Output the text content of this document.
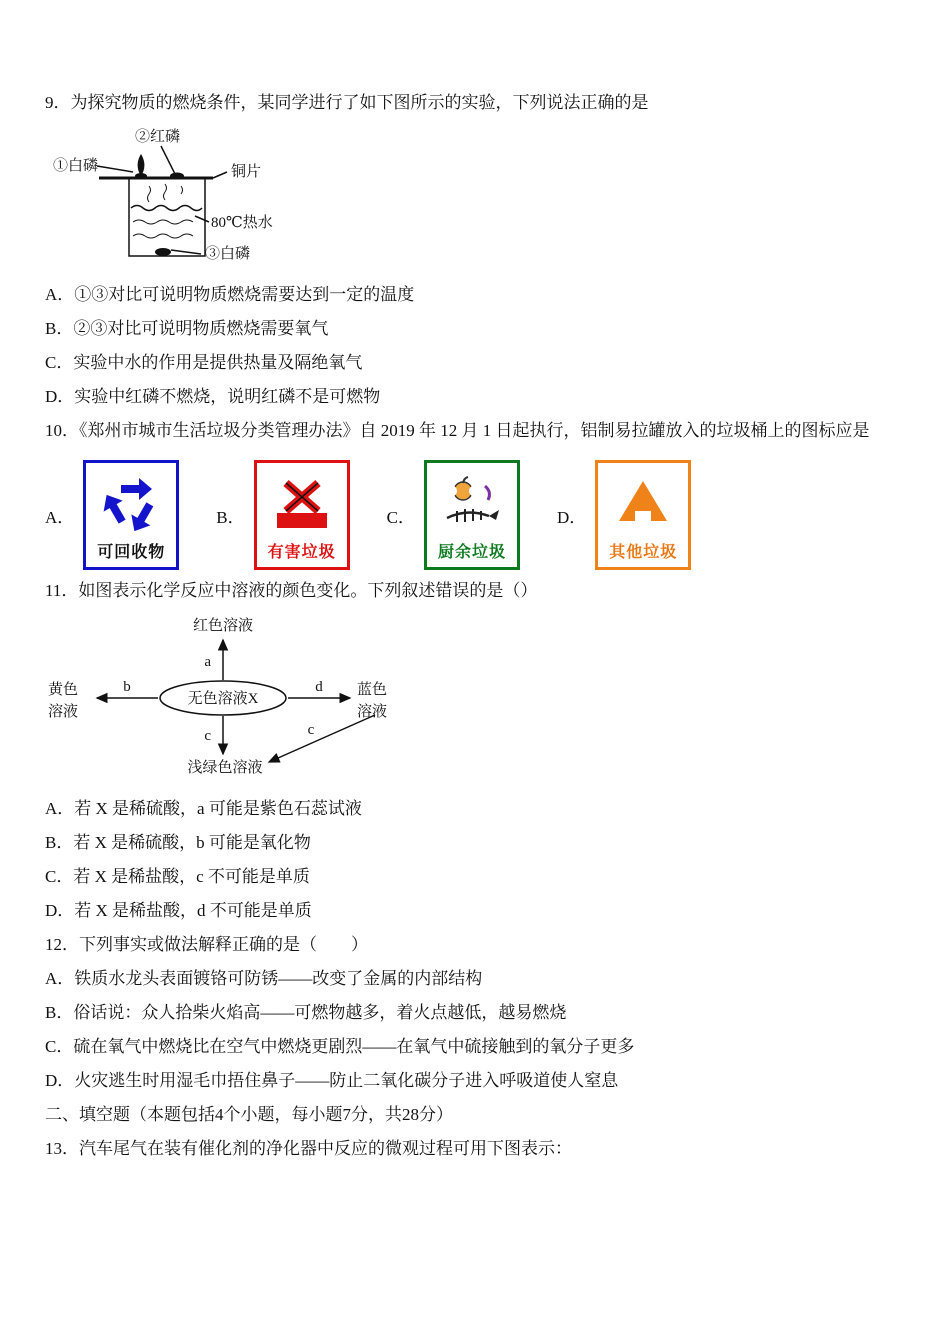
9．为探究物质的燃烧条件，某同学进行了如下图所示的实验，下列说法正确的是

②红磷
①白磷	铜片
80℃热水
③白磷

A．①③对比可说明物质燃烧需要达到一定的温度

B．②③对比可说明物质燃烧需要氧气

C．实验中水的作用是提供热量及隔绝氧气

D．实验中红磷不燃烧，说明红磷不是可燃物

10．《郑州市城市生活垃圾分类管理办法》自 2019 年 12 月 1 日起执行，铝制易拉罐放入的垃圾桶上的图标应是

A．
可回收物
B．
有害垃圾
C．
厨余垃圾
D．
其他垃圾

11．如图表示化学反应中溶液的颜色变化。下列叙述错误的是（）

红色溶液
无色溶液X
黄色
溶液
蓝色
溶液
浅绿色溶液
a
b	d
c	c

A．若 X 是稀硫酸，a 可能是紫色石蕊试液

B．若 X 是稀硫酸，b 可能是氧化物

C．若 X 是稀盐酸，c 不可能是单质

D．若 X 是稀盐酸，d 不可能是单质

12．下列事实或做法解释正确的是（　　）

A．铁质水龙头表面镀铬可防锈——改变了金属的内部结构

B．俗话说：众人拾柴火焰高——可燃物越多，着火点越低，越易燃烧

C．硫在氧气中燃烧比在空气中燃烧更剧烈——在氧气中硫接触到的氧分子更多

D．火灾逃生时用湿毛巾捂住鼻子——防止二氧化碳分子进入呼吸道使人窒息

二、填空题（本题包括4个小题，每小题7分，共28分）

13．汽车尾气在装有催化剂的净化器中反应的微观过程可用下图表示：
